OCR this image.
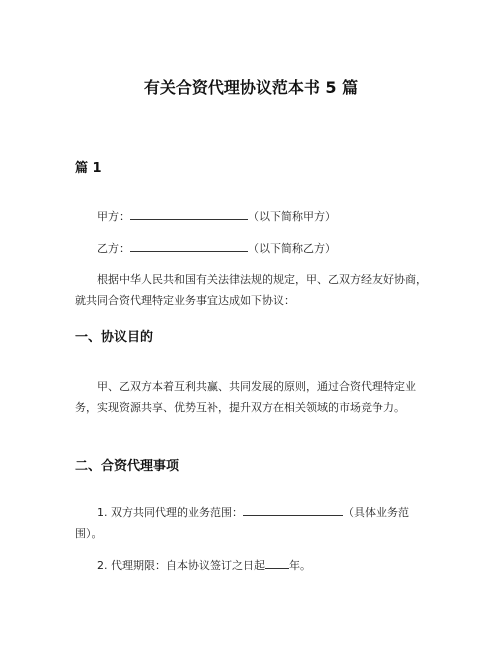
有关合资代理协议范本书 5 篇
篇 1
甲方：	（以下简称甲方）
乙方：	（以下简称乙方）
根据中华人民共和国有关法律法规的规定，甲、乙双方经友好协商，就共同合资代理特定业务事宜达成如下协议：
一、协议目的
甲、乙双方本着互利共赢、共同发展的原则，通过合资代理特定业务，实现资源共享、优势互补，提升双方在相关领域的市场竞争力。
二、合资代理事项
1. 双方共同代理的业务范围：	（具体业务范围）。
2. 代理期限：自本协议签订之日起 年。
